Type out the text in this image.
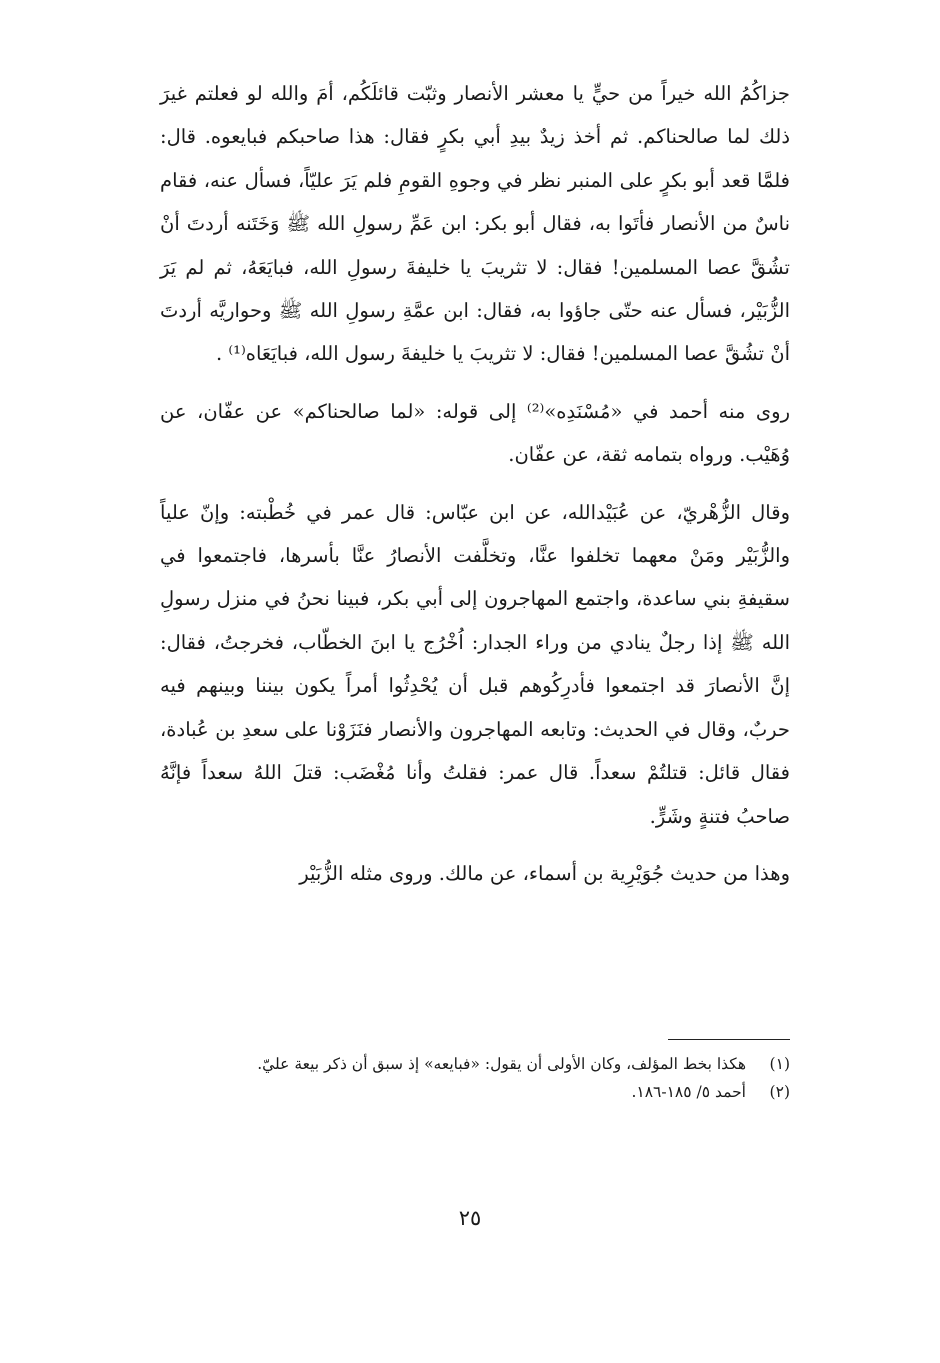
جزاكُمُ الله خيراً من حيٍّ يا معشر الأنصار وثبّت قائلَكُم، أمَ والله لو فعلتم غيرَ ذلك لما صالحناكم. ثم أخذ زيدٌ بيدِ أبي بكرٍ فقال: هذا صاحبكم فبايعوه. قال: فلمَّا قعد أبو بكرٍ على المنبر نظر في وجوهِ القومِ فلم يَرَ عليّاً، فسأل عنه، فقام ناسٌ من الأنصار فأتَوا به، فقال أبو بكر: ابن عَمِّ رسولِ الله ﷺ وَخَتَنه أردتَ أنْ تشُقَّ عصا المسلمين! فقال: لا تثريبَ يا خليفةَ رسولِ الله، فبايَعَهُ، ثم لم يَرَ الزُّبَيْر، فسأل عنه حتّى جاؤوا به، فقال: ابن عمَّةِ رسولِ الله ﷺ وحواريَّه أردتَ أنْ تشُقَّ عصا المسلمين! فقال: لا تثريبَ يا خليفةَ رسول الله، فبايَعَاه⁽¹⁾ .

روى منه أحمد في «مُسْنَدِه»⁽²⁾ إلى قوله: «لما صالحناكم» عن عفّان، عن وُهَيْب. ورواه بتمامه ثقة، عن عفّان.

وقال الزُّهْريّ، عن عُبَيْدالله، عن ابن عبّاس: قال عمر في خُطْبته: وإنّ علياً والزُّبَيْر ومَنْ معهما تخلفوا عنَّا، وتخلَّفت الأنصارُ عنَّا بأسرها، فاجتمعوا في سقيفةِ بني ساعدة، واجتمع المهاجرون إلى أبي بكر، فبينا نحنُ في منزل رسولِ الله ﷺ إذا رجلٌ ينادي من وراء الجدار: اُخْرُج يا ابنَ الخطّاب، فخرجتُ، فقال: إنَّ الأنصارَ قد اجتمعوا فأدرِكُوهم قبل أن يُحْدِثُوا أمراً يكون بيننا وبينهم فيه حربٌ، وقال في الحديث: وتابعه المهاجرون والأنصار فنَزَوْنا على سعدِ بن عُبادة، فقال قائل: قتلتُمْ سعداً. قال عمر: فقلتُ وأنا مُغْضَب: قتلَ اللهُ سعداً فإنَّهُ صاحبُ فتنةٍ وشَرٍّ.

وهذا من حديث جُوَيْرِية بن أسماء، عن مالك. وروى مثله الزُّبَيْر

(١)
هكذا بخط المؤلف، وكان الأولى أن يقول: «فبايعه» إذ سبق أن ذكر بيعة عليّ.
(٢)
أحمد ٥/ ١٨٥-١٨٦.
٢٥
